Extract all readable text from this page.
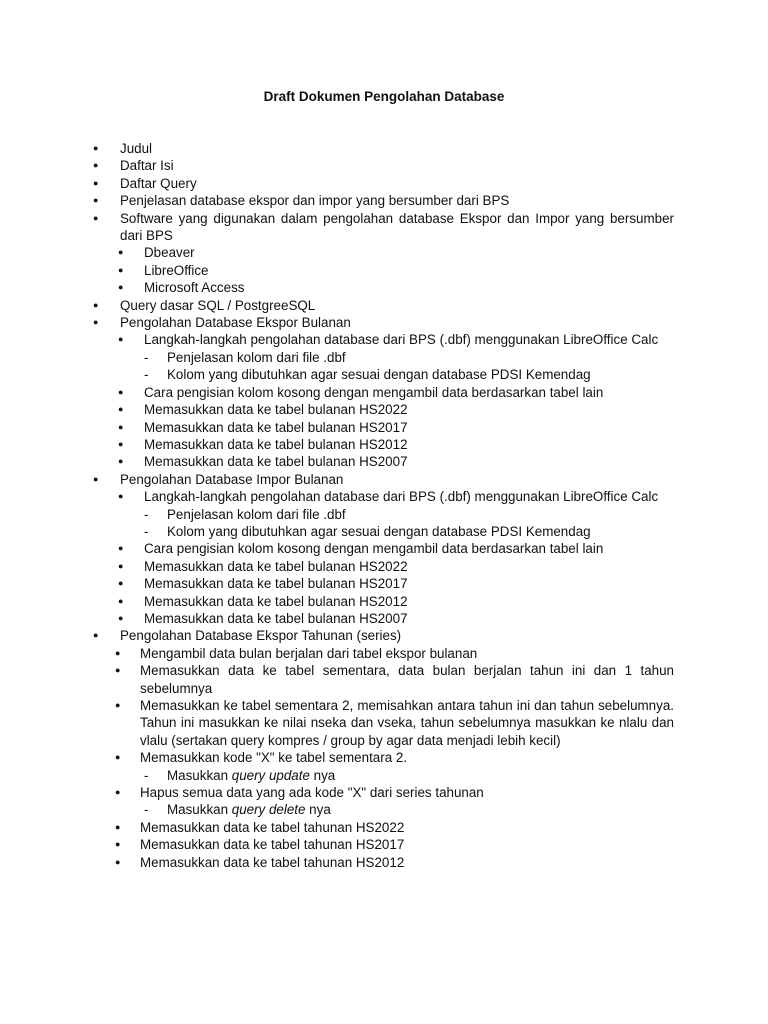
Draft Dokumen Pengolahan Database
● Judul
● Daftar Isi
● Daftar Query
● Penjelasan database ekspor dan impor yang bersumber dari BPS
● Software yang digunakan dalam pengolahan database Ekspor dan Impor yang bersumber dari BPS
● Dbeaver
● LibreOffice
● Microsoft Access
● Query dasar SQL / PostgreeSQL
● Pengolahan Database Ekspor Bulanan
● Langkah-langkah pengolahan database dari BPS (.dbf) menggunakan LibreOffice Calc
- Penjelasan kolom dari file .dbf
- Kolom yang dibutuhkan agar sesuai dengan database PDSI Kemendag
● Cara pengisian kolom kosong dengan mengambil data berdasarkan tabel lain
● Memasukkan data ke tabel bulanan HS2022
● Memasukkan data ke tabel bulanan HS2017
● Memasukkan data ke tabel bulanan HS2012
● Memasukkan data ke tabel bulanan HS2007
● Pengolahan Database Impor Bulanan
● Langkah-langkah pengolahan database dari BPS (.dbf) menggunakan LibreOffice Calc
- Penjelasan kolom dari file .dbf
- Kolom yang dibutuhkan agar sesuai dengan database PDSI Kemendag
● Cara pengisian kolom kosong dengan mengambil data berdasarkan tabel lain
● Memasukkan data ke tabel bulanan HS2022
● Memasukkan data ke tabel bulanan HS2017
● Memasukkan data ke tabel bulanan HS2012
● Memasukkan data ke tabel bulanan HS2007
● Pengolahan Database Ekspor Tahunan (series)
● Mengambil data bulan berjalan dari tabel ekspor bulanan
● Memasukkan data ke tabel sementara, data bulan berjalan tahun ini dan 1 tahun sebelumnya
● Memasukkan ke tabel sementara 2, memisahkan antara tahun ini dan tahun sebelumnya. Tahun ini masukkan ke nilai nseka dan vseka, tahun sebelumnya masukkan ke nlalu dan vlalu (sertakan query kompres / group by agar data menjadi lebih kecil)
● Memasukkan kode "X" ke tabel sementara 2.
- Masukkan query update nya
● Hapus semua data yang ada kode "X" dari series tahunan
- Masukkan query delete nya
● Memasukkan data ke tabel tahunan HS2022
● Memasukkan data ke tabel tahunan HS2017
● Memasukkan data ke tabel tahunan HS2012
